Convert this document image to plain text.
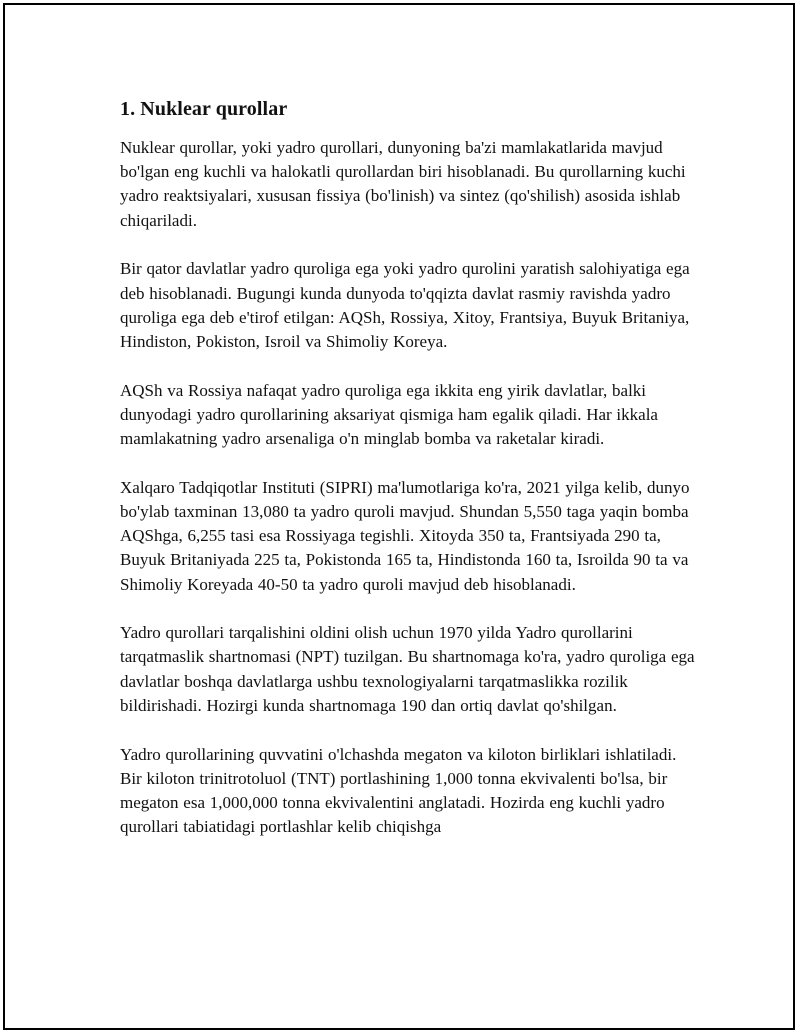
1. Nuklear qurollar

Nuklear qurollar, yoki yadro qurollari, dunyoning ba'zi mamlakatlarida mavjud bo'lgan eng kuchli va halokatli qurollardan biri hisoblanadi. Bu qurollarning kuchi yadro reaktsiyalari, xususan fissiya (bo'linish) va sintez (qo'shilish) asosida ishlab chiqariladi.

Bir qator davlatlar yadro quroliga ega yoki yadro qurolini yaratish salohiyatiga ega deb hisoblanadi. Bugungi kunda dunyoda to'qqizta davlat rasmiy ravishda yadro quroliga ega deb e'tirof etilgan: AQSh, Rossiya, Xitoy, Frantsiya, Buyuk Britaniya, Hindiston, Pokiston, Isroil va Shimoliy Koreya.

AQSh va Rossiya nafaqat yadro quroliga ega ikkita eng yirik davlatlar, balki dunyodagi yadro qurollarining aksariyat qismiga ham egalik qiladi. Har ikkala mamlakatning yadro arsenaliga o'n minglab bomba va raketalar kiradi.

Xalqaro Tadqiqotlar Instituti (SIPRI) ma'lumotlariga ko'ra, 2021 yilga kelib, dunyo bo'ylab taxminan 13,080 ta yadro quroli mavjud. Shundan 5,550 taga yaqin bomba AQShga, 6,255 tasi esa Rossiyaga tegishli. Xitoyda 350 ta, Frantsiyada 290 ta, Buyuk Britaniyada 225 ta, Pokistonda 165 ta, Hindistonda 160 ta, Isroilda 90 ta va Shimoliy Koreyada 40-50 ta yadro quroli mavjud deb hisoblanadi.

Yadro qurollari tarqalishini oldini olish uchun 1970 yilda Yadro qurollarini tarqatmaslik shartnomasi (NPT) tuzilgan. Bu shartnomaga ko'ra, yadro quroliga ega davlatlar boshqa davlatlarga ushbu texnologiyalarni tarqatmaslikka rozilik bildirishadi. Hozirgi kunda shartnomaga 190 dan ortiq davlat qo'shilgan.

Yadro qurollarining quvvatini o'lchashda megaton va kiloton birliklari ishlatiladi. Bir kiloton trinitrotoluol (TNT) portlashining 1,000 tonna ekvivalenti bo'lsa, bir megaton esa 1,000,000 tonna ekvivalentini anglatadi. Hozirda eng kuchli yadro qurollari tabiatidagi portlashlar kelib chiqishga
